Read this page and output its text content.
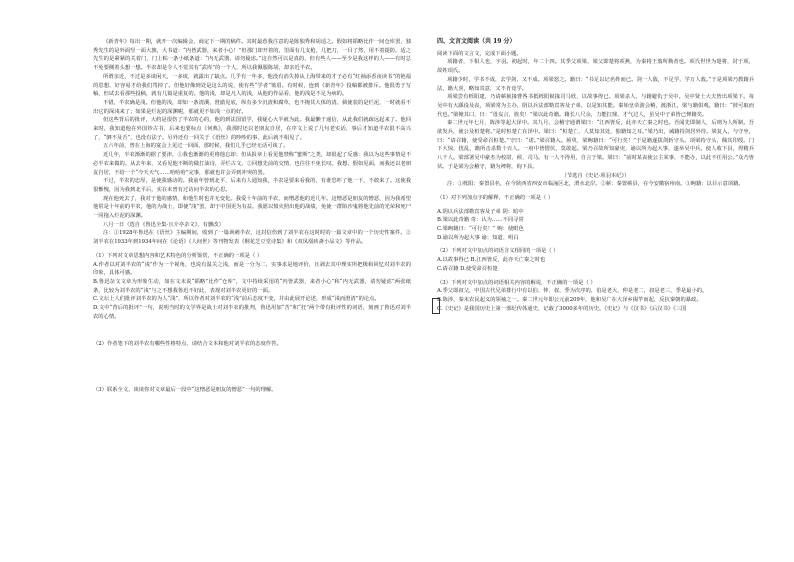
《新青年》每出一期，就开一次编辑会，商定下一期的稿件。其时最惹我注意的是陈独秀和胡适之。假如将韬略比作一间仓库罢，独秀先生的是外面竖一面大旗，大书道：“内皆武器，来者小心！”但那门却开着的，里面有几支枪，几把刀，一目了然，用不着提防。适之先生的是紧紧的关着门，门上粘一条小纸条道：“内无武器，请勿疑虑。”这自然可以是真的，但有些人——至少是我这样的人——有时总不免要侧着头想一想。半农却是令人不觉其有“武库”的一个人，所以我佩服陈胡，却亲近半农。
所谓亲近，不过是多谈闲天，一多谈，就露出了缺点。几乎有一年多，他没有消失掉从上海带来的才子必有“红袖添香夜读书”的艳福的思想，好容易才给我们骂掉了。但他好像到处是这么的说，使有些“学者”皱眉。有时候，连到《新青年》投稿都被排斥。他很勇于写稿，但试去看那些投稿，就有几篇是重复的。他的浅，却是凡人的浅，从他的作品看，他的浅是不足为病的。
不错，半农确是浅。但他的浅，却如一条清溪，澄澈见底，纵有多少沉渣和腐草，也不掩其大体的清。倘使装的是烂泥，一时就看不出它的深浅来了；如果是烂泥的深渊呢，那就更不如浅一点的好。
但这些背后的批评，大约是很伤了半农的心的，他的到法国留学，我疑心大半就为此。我最懒于通信，从此我们就疏远起来了。他回来时，我知道他在外国钞古书，后来也要标点《何典》，我那时还以老朋友自居，在序文上说了几句老实话，事后才知道半农很不高兴了，“驷不及舌”，也没有法子。另外还有一回关于《语丝》的吵吵的事，此后就不相见了。
五六年前，曾在上海的宴会上见过一回面，那时候，我们几乎已经无话可谈了。
近几年，半农渐渐的据了要津，①我也渐渐的更将他忘却；但从报章上看见他禁称“蜜斯”之类，却很起了反感：我以为这些事情是不必半农来做的。从去年来，又看见他不断的做打油诗，弄烂古文，②回想先前的交情，也往往不免长叹。我想，假如见面，而我还以老朋友自居，不给一个“今天天气……哈哈哈”完事，那就也许会弄到冲突的罢。
不过，半农的忠厚，是使我感动的。我前年曾到北平，后来有人通知我，半农是要来看我的，有谁恐吓了他一下，不敢来了。这使我很惭愧，因为我到北平后，实在未曾有过访问半农的心思。
现在他死去了，我对于他的感情，和他生时也并无变化。我爱十年前的半农，而憎恶他的近几年。这憎恶是朋友的憎恶，因为我希望他常是十年前的半农，他的为战士，即使“浅”罢，却于中国更为有益。我愿以愤火照出他的战绩，免使一群陷沙鬼将他先前的光荣和死尸一同拖入烂泥的深渊。
八月一日（选自《鲁迅全集·且介亭杂文》，有删改）
注：①1928年鲁迅在《语丝》主编期间，收到了一篇讽刺半农，这封信伤到了刘半农在这时时的一篇文章中的一个历史性案件。②刘半农在1933年到1934年间在《论语》《人间世》等刊物发表《桐花芝豆堂诗集》和《双凤凰砖斋小品文》等作品。
（1）下列对文章思想内容和艺术特色的分析鉴赏，不正确的一项是（ ）
A.作者以对刘半农的“浅”作为一个视角，也说有温关之浅，而是一分为二，实事求是地评价，且剥去其中理实所把极和回忆对刘半农的印象，具体可感。
B.鲁迅杂文文章为形象生动，如在文末说“韬略”比作“仓库”，文中持续采用的“内皆武器，来者小心”和“内无武器，请勿疑虑”两张纸条，比较为刘半农的“浅”与之不想我鲁迅不好此，表现对刘半农更好的一面。
C.文坛上人们批评刘半农的为人“浅”，所以作者对刘半农的“浅”前后态度不变，并由此展开论述，形成“浅而澄清”的论点。
D.文中“背后的批评”一句，说明当时的文学界是战士对刘半农的批判，鲁迅用加“苦”和“狂”两个带有批评性的词语，刻画了鲁迅对刘半农的心情。
（2）作者笔下的刘半农有哪些性格特点，请结合文本和他对刘半农的态度作答。
（3）联系全文，谈谈你对文章最后一段中“这憎恶是朋友的憎恶”一句的理解。
四、文言文阅读（共 19 分）
阅读下面的文言文，完成下面小题。
项籍者，下相人也，字羽。初起时，年二十四。其季父项梁，梁父即楚将项燕，为秦将王翦所戮者也。项氏世世为楚将，封于项，故姓项氏。
项籍少时，学书不成，去学剑，又不成。项梁怒之。籍曰：“书足以记名姓而已。剑一人敌，不足学，学万人敌。”于是项梁乃教籍兵法，籍大喜，略知其意，又不肯竟学。
项梁尝有栎阳逮，乃请蕲狱掾曹咎书抵栎阳狱掾司马欣，以故事得已。项梁杀人，与籍避仇于吴中。吴中贤士大夫皆出项梁下。每吴中有大繇役及丧，项梁常为主办，阴以兵法部勒宾客及子弟，以是知其能。秦始皇帝游会稽，渡浙江，梁与籍俱观。籍曰：“彼可取而代也。”梁掩其口，曰：“毋妄言，族矣！”梁以此奇籍。籍长八尺余，力能扛鼎，才气过人，虽吴中子弟皆已惮籍矣。
秦二世元年七月，陈涉等起大泽中。其九月，会稽守通谓梁曰：“江西皆反，此亦天亡秦之时也。吾闻先即制人，后则为人所制。吾欲发兵，使公及桓楚将。”是时桓楚亡在泽中。梁曰：“桓楚亡，人莫知其处，独籍知之耳。”梁乃出，诫籍持剑居外待。梁复入，与守坐，曰：“请召籍，使受命召桓楚。”守曰：“诺。”梁召籍入。须臾，梁眴籍曰：“可行矣！”于是籍遂拔剑斩守头。项梁持守头，佩其印绶。门下大惊，扰乱，籍所击杀数十百人。一府中皆慴伏，莫敢起。梁乃召故所知豪吏，谕以所为起大事，遂举吴中兵。使人收下县，得精兵八千人。梁部署吴中豪杰为校尉、候、司马。有一人不得用，自言于梁。梁曰：“前时某丧使公主某事，不能办，以此不任用公。”众乃皆伏。于是梁为会稽守，籍为裨将，徇下县。
（节选自《史记·项羽本纪》）
注：①栎阳：秦置县名，在今陕西省西安市临潼区北，渭水北岸。②蕲：秦置蕲县，在今安徽宿州南。③眴籍：以目示意项籍。
（1）对下列加点字的解释，不正确的一项是（ ）
A.阴以兵法部勒宾客及子弟 阴：暗中
B.梁以此奇籍 奇：认为……不同寻常
C.梁眴籍曰：“可行矣！” 眴：使眼色
D.谕以所为起大事 谕：知道、明白
（2）下列对文中加点的词语含义相同的一项是（ ）
A.以故事得已 B.江西皆反，此亦天亡秦之时也
C.请召籍 D.使受命召桓楚
（3）下列对文中加点的词语相关内容的解说，不正确的一项是（ ）
A.季父即叔父，中国古代兄弟排行中有以伯、仲、叔、季为次序的，伯是老大，仲是老二，叔是老三，季是最小的。
B.陈涉，秦末农民起义的领袖之一。秦二世元年即公元前209年，他和吴广在大泽乡揭竿而起，反抗秦朝的暴政。
C.《史记》是我国历史上第一部纪传体通史，记载了3000多年的历史。《史记》与《汉书》《后汉书》《三国
